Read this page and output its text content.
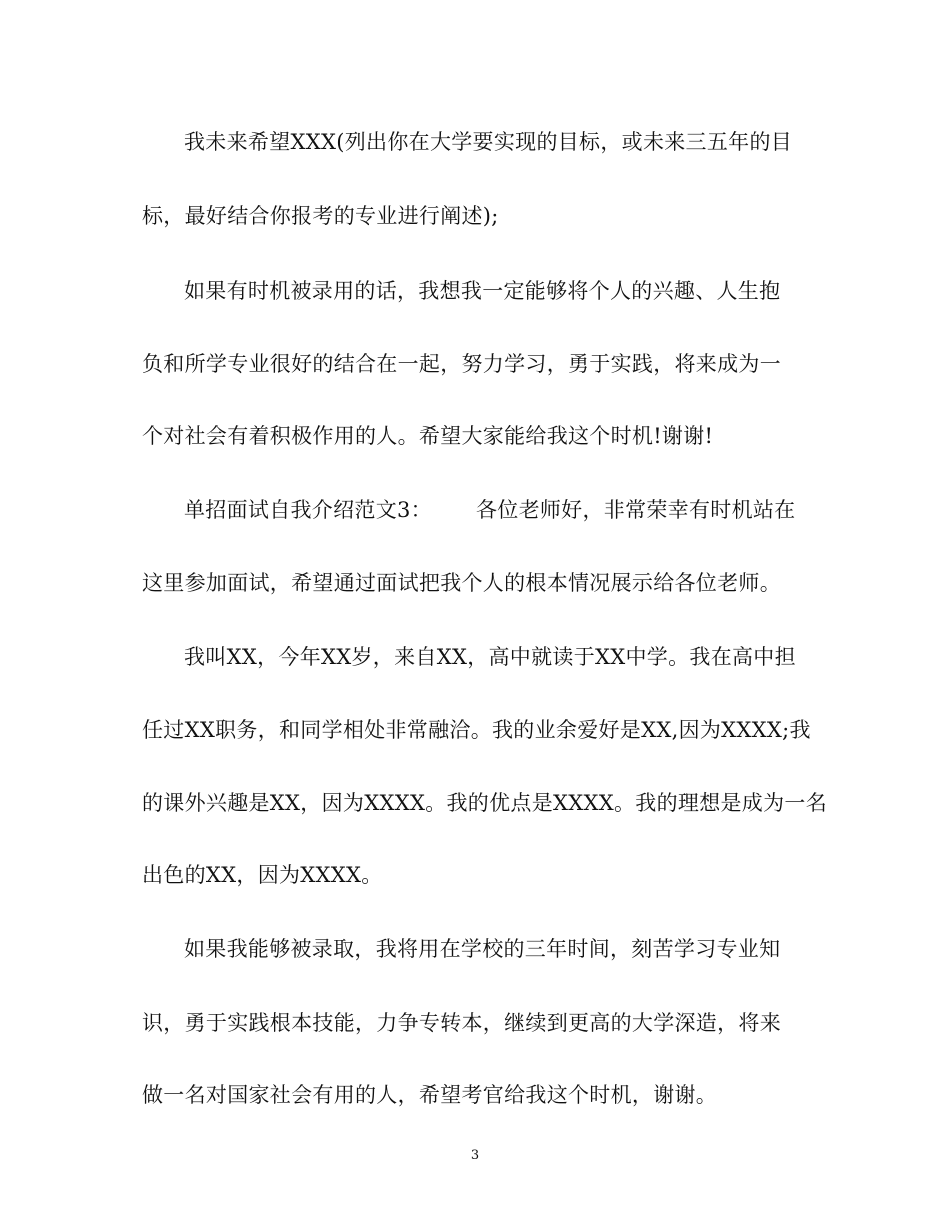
我未来希望XXX(列出你在大学要实现的目标，或未来三五年的目
标，最好结合你报考的专业进行阐述);
如果有时机被录用的话，我想我一定能够将个人的兴趣、人生抱
负和所学专业很好的结合在一起，努力学习，勇于实践，将来成为一
个对社会有着积极作用的人。希望大家能给我这个时机!谢谢!
单招面试自我介绍范文3： 各位老师好，非常荣幸有时机站在
这里参加面试，希望通过面试把我个人的根本情况展示给各位老师。
我叫XX，今年XX岁，来自XX，高中就读于XX中学。我在高中担
任过XX职务，和同学相处非常融洽。我的业余爱好是XX,因为XXXX;我
的课外兴趣是XX，因为XXXX。我的优点是XXXX。我的理想是成为一名
出色的XX，因为XXXX。
如果我能够被录取，我将用在学校的三年时间，刻苦学习专业知
识，勇于实践根本技能，力争专转本，继续到更高的大学深造，将来
做一名对国家社会有用的人，希望考官给我这个时机，谢谢。
3
